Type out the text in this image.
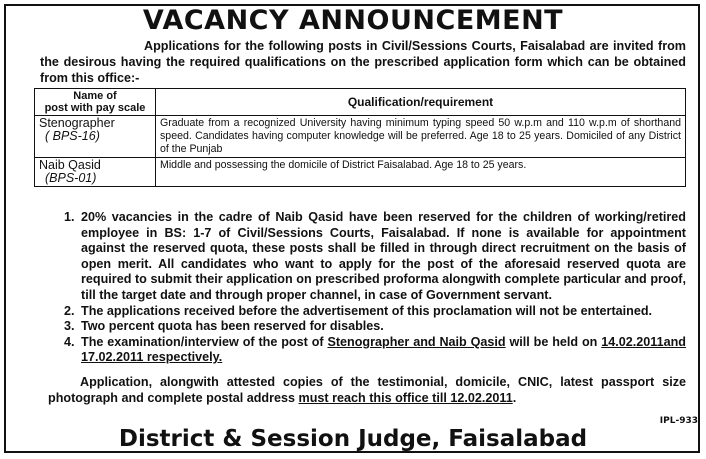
VACANCY ANNOUNCEMENT
Applications for the following posts in Civil/Sessions Courts, Faisalabad are invited from the desirous having the required qualifications on the prescribed application form which can be obtained from this office:-
Name of
post with pay scale	Qualification/requirement

Stenographer
( BPS-16)	Graduate from a recognized University having minimum typing speed 50 w.p.m and 110 w.p.m of shorthand speed. Candidates having computer knowledge will be preferred. Age 18 to 25 years. Domiciled of any District of the Punjab

Naib Qasid
(BPS-01)	Middle and possessing the domicile of District Faisalabad. Age 18 to 25 years.
1. 20% vacancies in the cadre of Naib Qasid have been reserved for the children of working/retired employee in BS: 1-7 of Civil/Sessions Courts, Faisalabad. If none is available for appointment against the reserved quota, these posts shall be filled in through direct recruitment on the basis of open merit. All candidates who want to apply for the post of the aforesaid reserved quota are required to submit their application on prescribed proforma alongwith complete particular and proof, till the target date and through proper channel, in case of Government servant.
2. The applications received before the advertisement of this proclamation will not be entertained.
3. Two percent quota has been reserved for disables.
4. The examination/interview of the post of Stenographer and Naib Qasid will be held on 14.02.2011and 17.02.2011 respectively.
Application, alongwith attested copies of the testimonial, domicile, CNIC, latest passport size photograph and complete postal address must reach this office till 12.02.2011.
IPL-933
District & Session Judge, Faisalabad
